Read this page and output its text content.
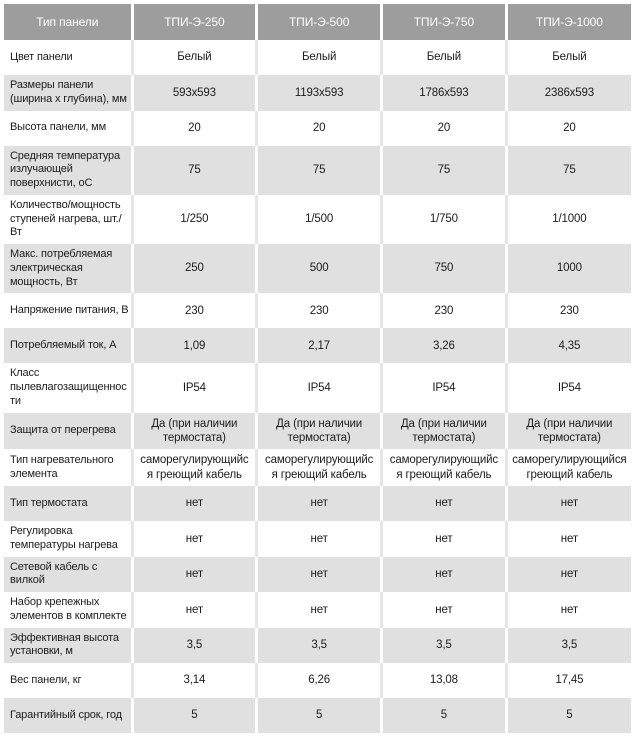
Тип панели	ТПИ-Э-250	ТПИ-Э-500	ТПИ-Э-750	ТПИ-Э-1000
Цвет панели	Белый	Белый	Белый	Белый
Размеры панели (ширина х глубина), мм	593x593	1193x593	1786x593	2386x593
Высота панели, мм	20	20	20	20
Средняя температура излучающей поверхнисти, оС	75	75	75	75
Количество/мощность ступеней нагрева, шт./Вт	1/250	1/500	1/750	1/1000
Макс. потребляемая электрическая мощность, Вт	250	500	750	1000
Напряжение питания, В	230	230	230	230
Потребляемый ток, А	1,09	2,17	3,26	4,35
Класс пылевлагозащищенности	IP54	IP54	IP54	IP54
Защита от перегрева	Да (при наличии термостата)	Да (при наличии термостата)	Да (при наличии термостата)	Да (при наличии термостата)
Тип нагревательного элемента	саморегулирующийся греющий кабель	саморегулирующийся греющий кабель	саморегулирующийся греющий кабель	саморегулирующийся греющий кабель
Тип термостата	нет	нет	нет	нет
Регулировка температуры нагрева	нет	нет	нет	нет
Сетевой кабель с вилкой	нет	нет	нет	нет
Набор крепежных элементов в комплекте	нет	нет	нет	нет
Эффективная высота установки, м	3,5	3,5	3,5	3,5
Вес панели, кг	3,14	6,26	13,08	17,45
Гарантийный срок, год	5	5	5	5
